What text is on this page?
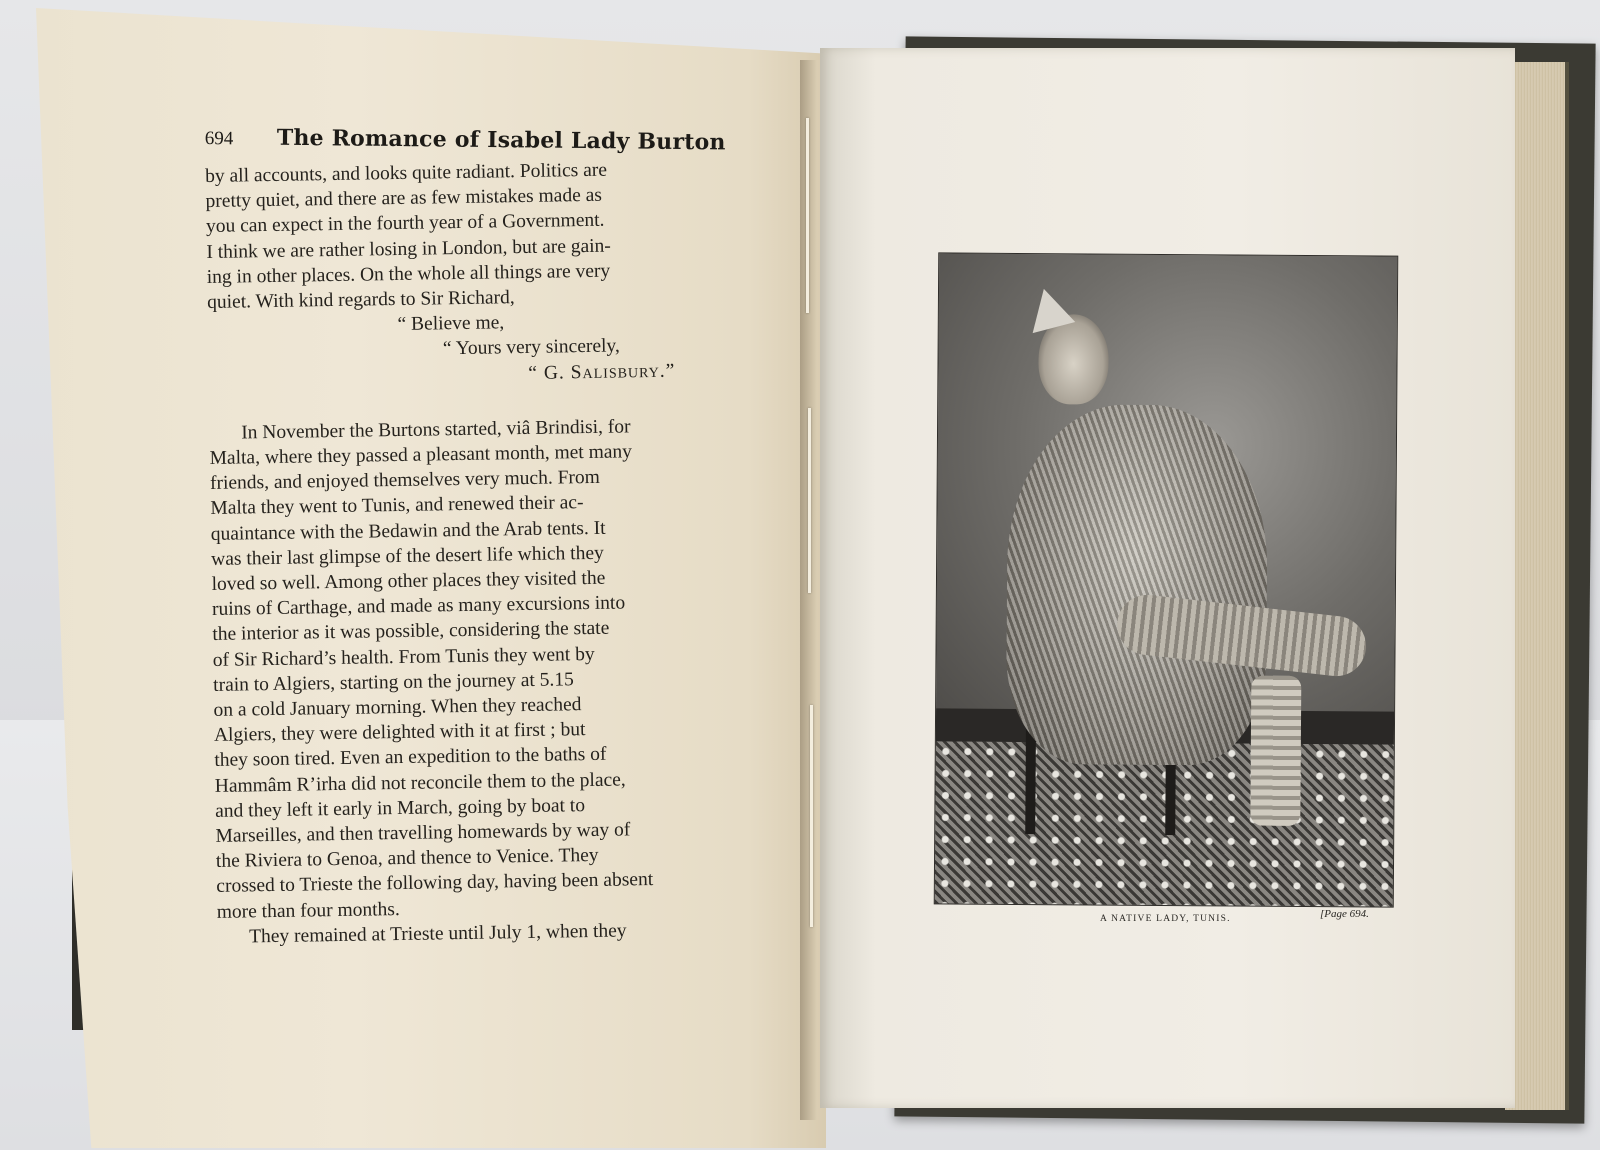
694 The Romance of Isabel Lady Burton
by all accounts, and looks quite radiant. Politics are
pretty quiet, and there are as few mistakes made as
you can expect in the fourth year of a Government.
I think we are rather losing in London, but are gain-
ing in other places. On the whole all things are very
quiet. With kind regards to Sir Richard,
“ Believe me,
“ Yours very sincerely,
“ G. Salisbury.”
In November the Burtons started, viâ Brindisi, for
Malta, where they passed a pleasant month, met many
friends, and enjoyed themselves very much. From
Malta they went to Tunis, and renewed their ac-
quaintance with the Bedawin and the Arab tents. It
was their last glimpse of the desert life which they
loved so well. Among other places they visited the
ruins of Carthage, and made as many excursions into
the interior as it was possible, considering the state
of Sir Richard’s health. From Tunis they went by
train to Algiers, starting on the journey at 5.15
on a cold January morning. When they reached
Algiers, they were delighted with it at first ; but
they soon tired. Even an expedition to the baths of
Hammâm R’irha did not reconcile them to the place,
and they left it early in March, going by boat to
Marseilles, and then travelling homewards by way of
the Riviera to Genoa, and thence to Venice. They
crossed to Trieste the following day, having been absent
more than four months.
They remained at Trieste until July 1, when they
A NATIVE LADY, TUNIS.	[Page 694.
